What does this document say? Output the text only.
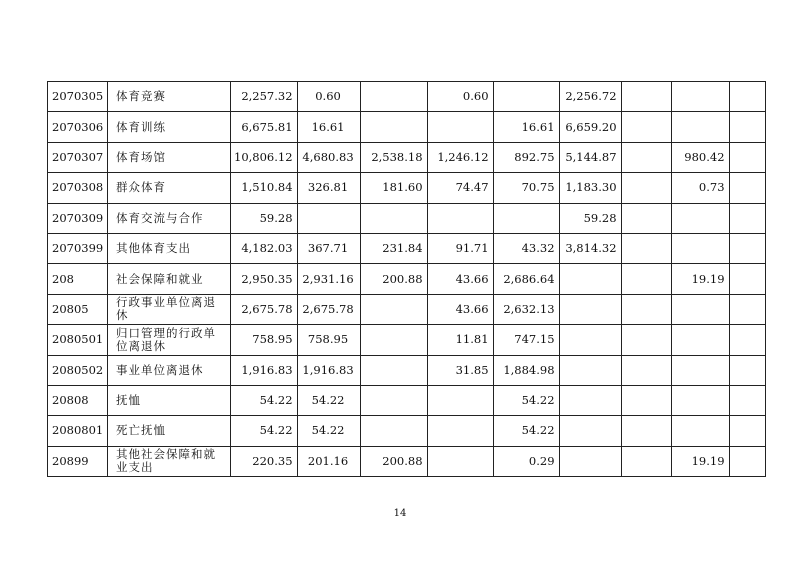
2070305	体育竞赛	2,257.32	0.60		0.60		2,256.72			
2070306	体育训练	6,675.81	16.61			16.61	6,659.20			
2070307	体育场馆	10,806.12	4,680.83	2,538.18	1,246.12	892.75	5,144.87		980.42	
2070308	群众体育	1,510.84	326.81	181.60	74.47	70.75	1,183.30		0.73	
2070309	体育交流与合作	59.28					59.28			
2070399	其他体育支出	4,182.03	367.71	231.84	91.71	43.32	3,814.32			
208	社会保障和就业	2,950.35	2,931.16	200.88	43.66	2,686.64			19.19	
20805	行政事业单位离退休	2,675.78	2,675.78		43.66	2,632.13				
2080501	归口管理的行政单位离退休	758.95	758.95		11.81	747.15				
2080502	事业单位离退休	1,916.83	1,916.83		31.85	1,884.98				
20808	抚恤	54.22	54.22			54.22				
2080801	死亡抚恤	54.22	54.22			54.22				
20899	其他社会保障和就业支出	220.35	201.16	200.88		0.29			19.19	
14
